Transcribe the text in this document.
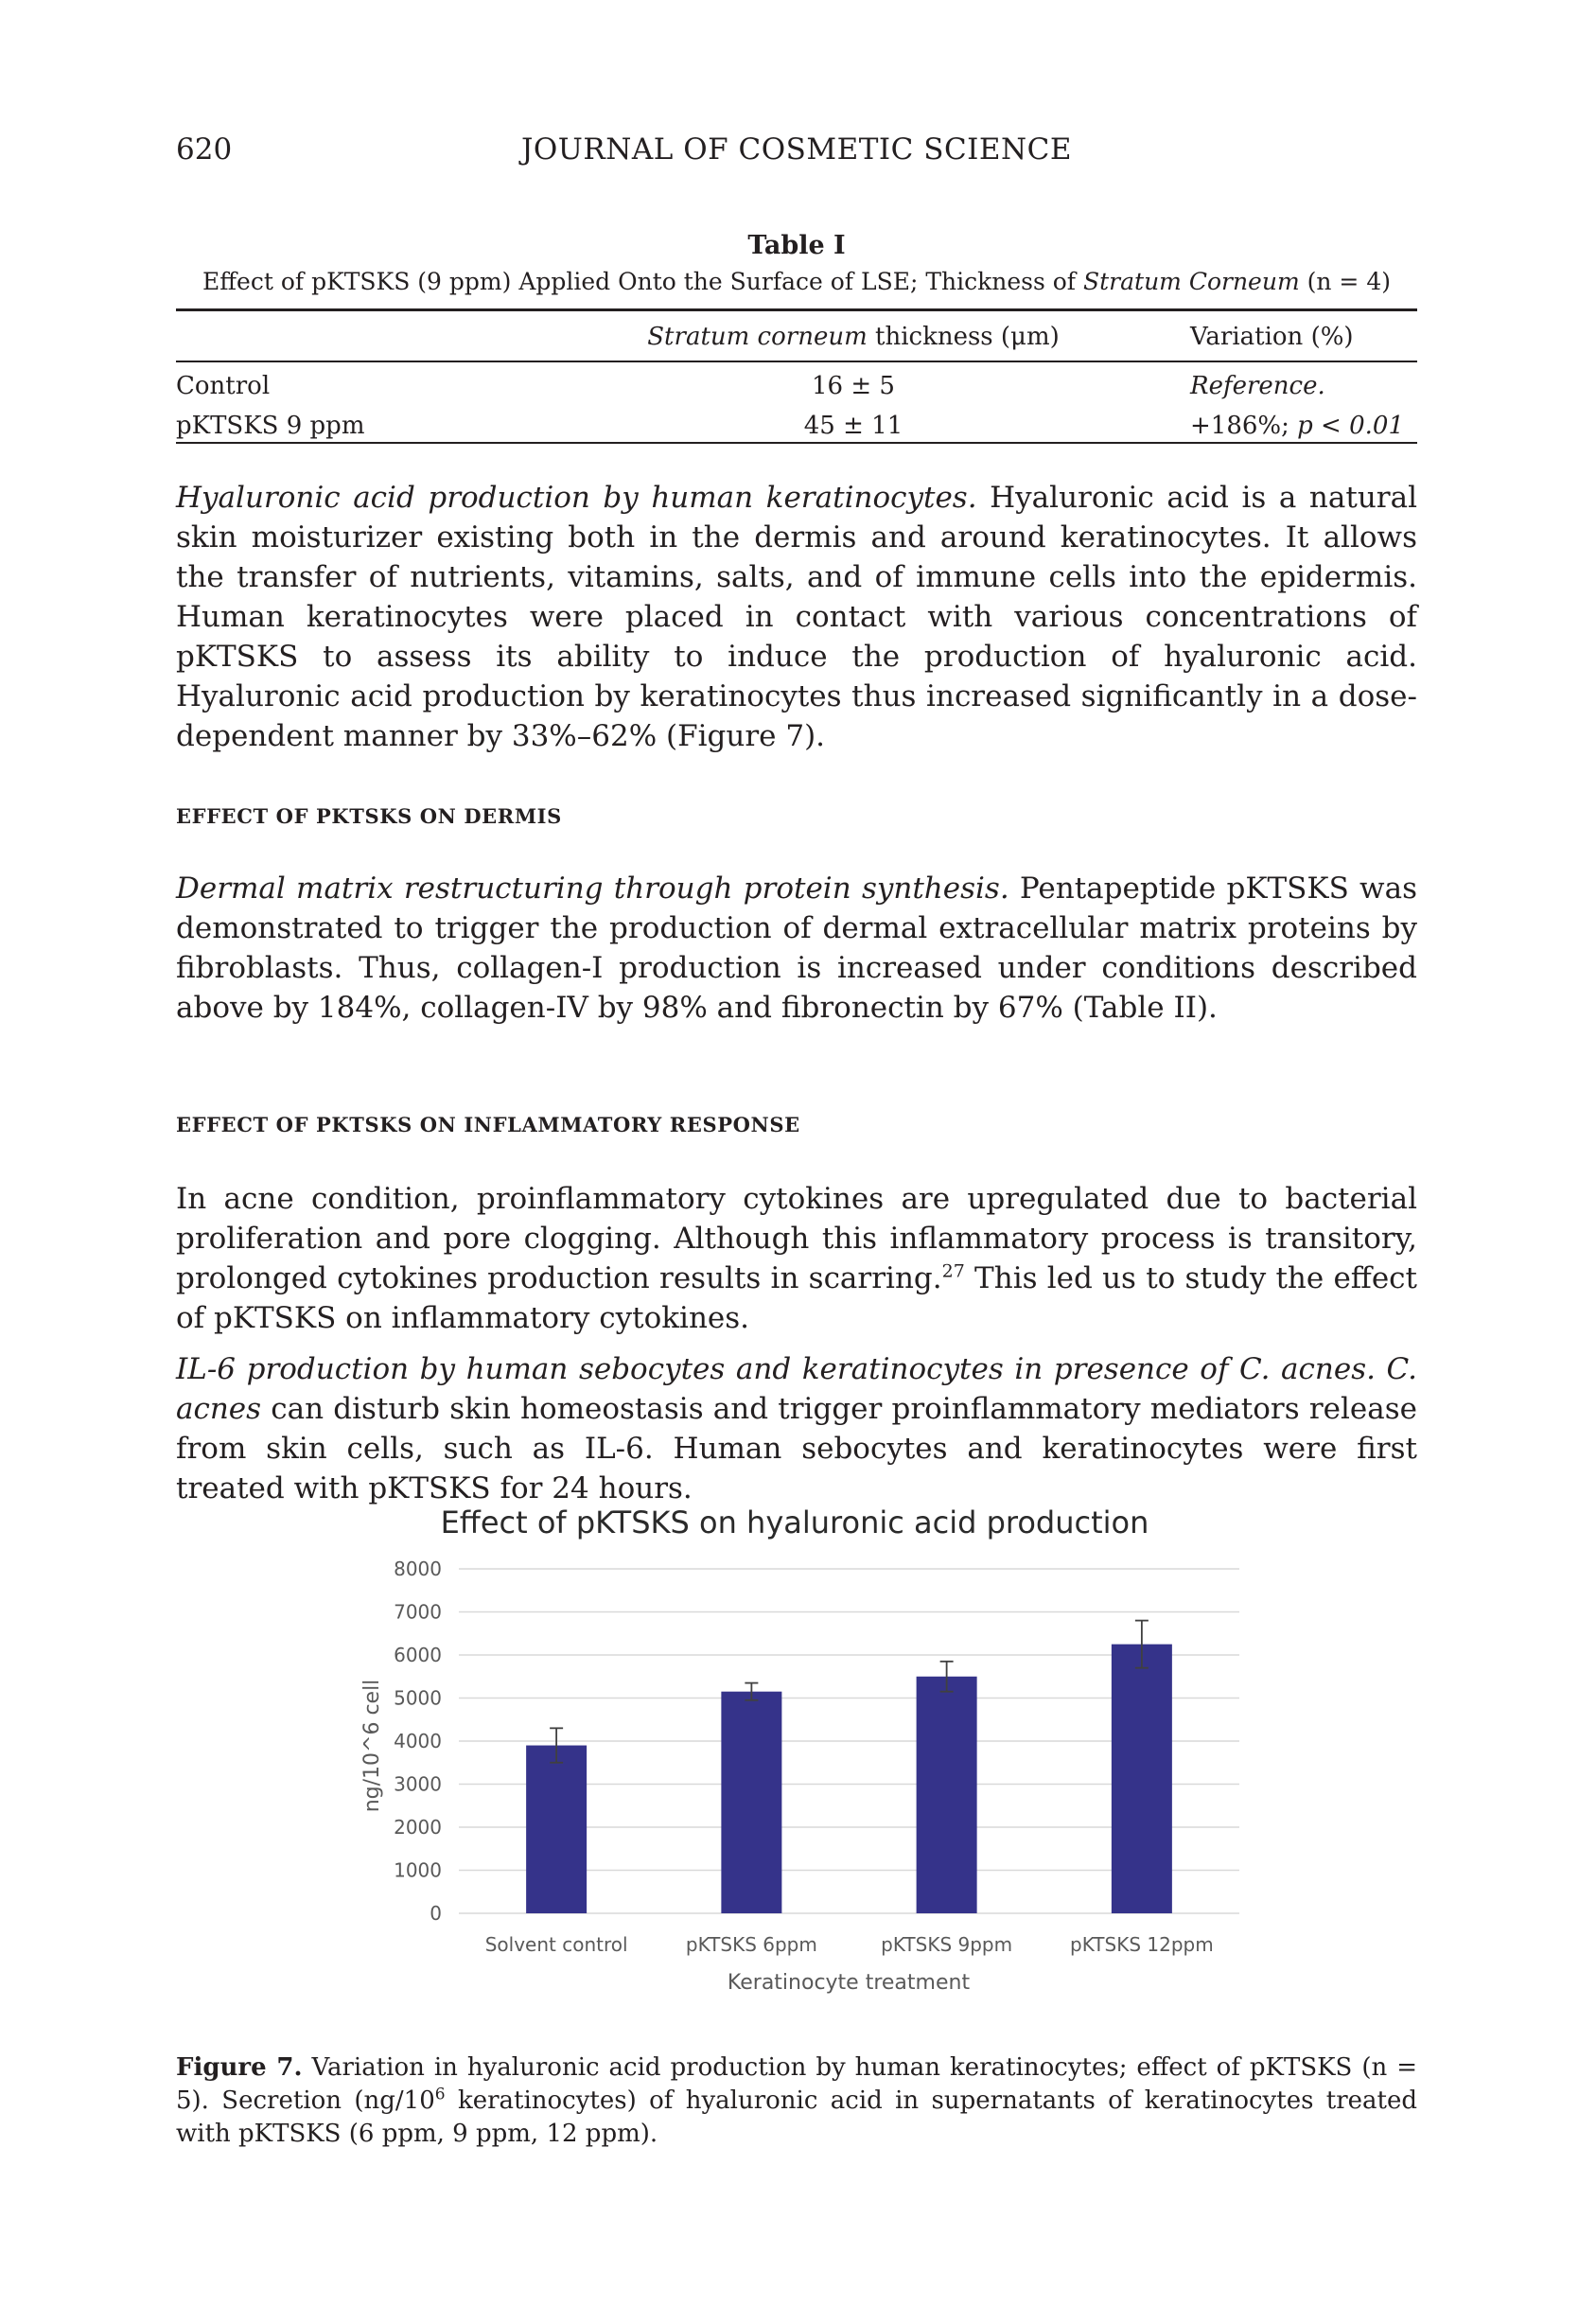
620	JOURNAL OF COSMETIC SCIENCE
Table I
Effect of pKTSKS (9 ppm) Applied Onto the Surface of LSE; Thickness of Stratum Corneum (n = 4)
	Stratum corneum thickness (μm)	Variation (%)
Control	16 ± 5	Reference.
pKTSKS 9 ppm	45 ± 11	+186%; p < 0.01

Hyaluronic acid production by human keratinocytes. Hyaluronic acid is a natural skin moisturizer existing both in the dermis and around keratinocytes. It allows the transfer of nutrients, vitamins, salts, and of immune cells into the epidermis. Human keratinocytes were placed in contact with various concentrations of pKTSKS to assess its ability to induce the production of hyaluronic acid. Hyaluronic acid production by keratinocytes thus increased significantly in a dose-dependent manner by 33%–62% (Figure 7).

EFFECT OF PKTSKS ON DERMIS

Dermal matrix restructuring through protein synthesis. Pentapeptide pKTSKS was demonstrated to trigger the production of dermal extracellular matrix proteins by fibroblasts. Thus, collagen-I production is increased under conditions described above by 184%, collagen-IV by 98% and fibronectin by 67% (Table II).

EFFECT OF PKTSKS ON INFLAMMATORY RESPONSE

In acne condition, proinflammatory cytokines are upregulated due to bacterial proliferation and pore clogging. Although this inflammatory process is transitory, prolonged cytokines production results in scarring.$^{27}$ This led us to study the effect of pKTSKS on inflammatory cytokines.

IL-6 production by human sebocytes and keratinocytes in presence of C. acnes. C. acnes can disturb skin homeostasis and trigger proinflammatory mediators release from skin cells, such as IL-6. Human sebocytes and keratinocytes were first treated with pKTSKS for 24 hours.

Effect of pKTSKS on hyaluronic acid production
0
1000
2000
3000
4000
5000
6000
7000
8000
Solvent control	pKTSKS 6ppm	pKTSKS 9ppm	pKTSKS 12ppm
Keratinocyte treatment
ng/10^6 cell

Figure 7. Variation in hyaluronic acid production by human keratinocytes; effect of pKTSKS (n = 5). Secretion ($ng/10^6$ keratinocytes) of hyaluronic acid in supernatants of keratinocytes treated with pKTSKS (6 ppm, 9 ppm, 12 ppm).
